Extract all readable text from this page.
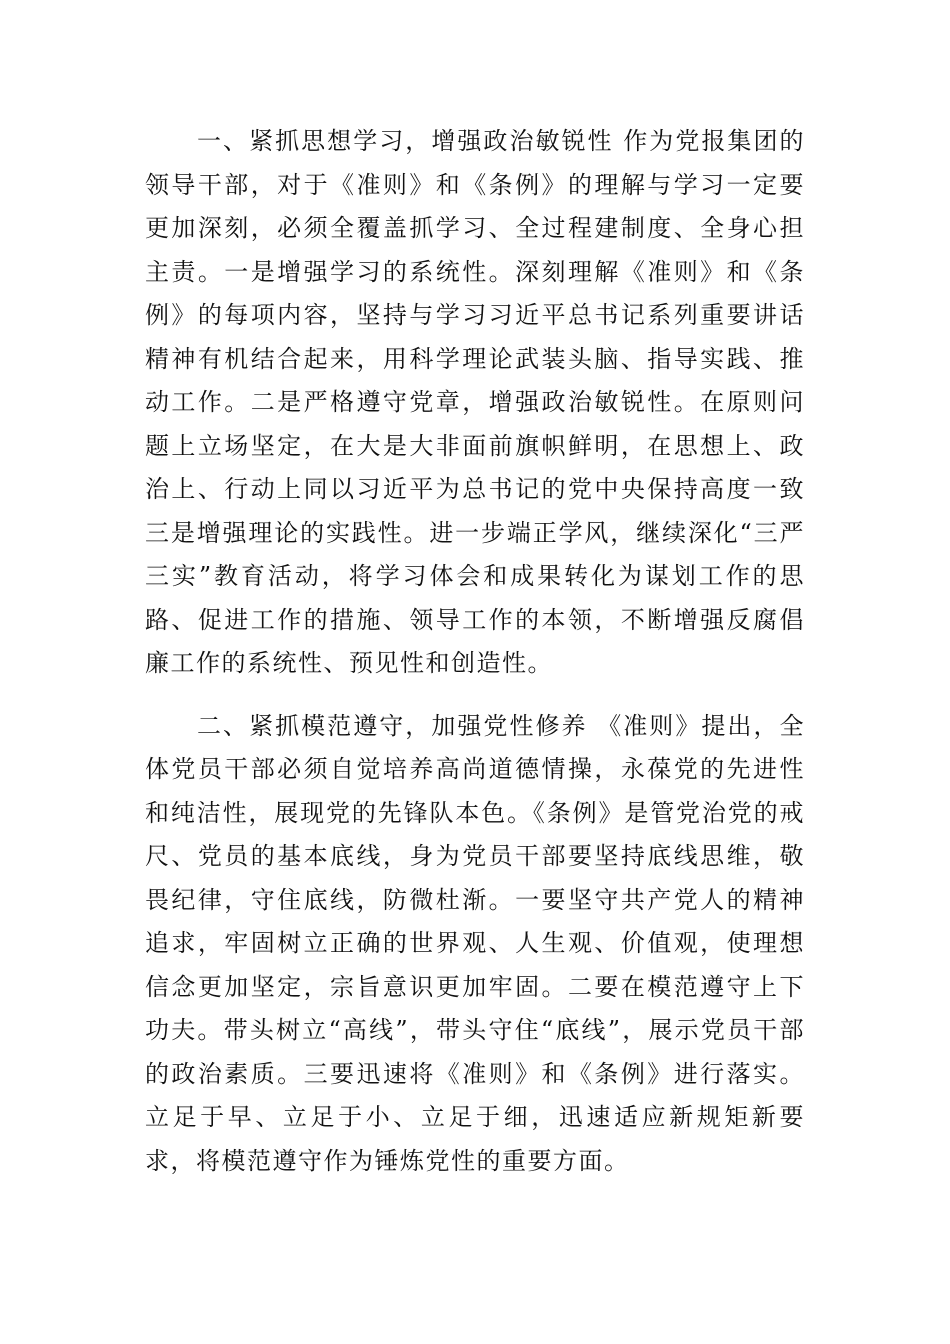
一、紧抓思想学习，增强政治敏锐性 作为党报集团的领导干部，对于《准则》和《条例》的理解与学习一定要更加深刻，必须全覆盖抓学习、全过程建制度、全身心担主责。一是增强学习的系统性。深刻理解《准则》和《条例》的每项内容，坚持与学习习近平总书记系列重要讲话精神有机结合起来，用科学理论武装头脑、指导实践、推动工作。二是严格遵守党章，增强政治敏锐性。在原则问题上立场坚定，在大是大非面前旗帜鲜明，在思想上、政治上、行动上同以习近平为总书记的党中央保持高度一致三是增强理论的实践性。进一步端正学风，继续深化“三严三实”教育活动，将学习体会和成果转化为谋划工作的思路、促进工作的措施、领导工作的本领，不断增强反腐倡廉工作的系统性、预见性和创造性。

二、紧抓模范遵守，加强党性修养 《准则》提出，全体党员干部必须自觉培养高尚道德情操，永葆党的先进性和纯洁性，展现党的先锋队本色。《条例》是管党治党的戒尺、党员的基本底线，身为党员干部要坚持底线思维，敬畏纪律，守住底线，防微杜渐。一要坚守共产党人的精神追求，牢固树立正确的世界观、人生观、价值观，使理想信念更加坚定，宗旨意识更加牢固。二要在模范遵守上下功夫。带头树立“高线”，带头守住“底线”，展示党员干部的政治素质。三要迅速将《准则》和《条例》进行落实。立足于早、立足于小、立足于细，迅速适应新规矩新要求，将模范遵守作为锤炼党性的重要方面。
